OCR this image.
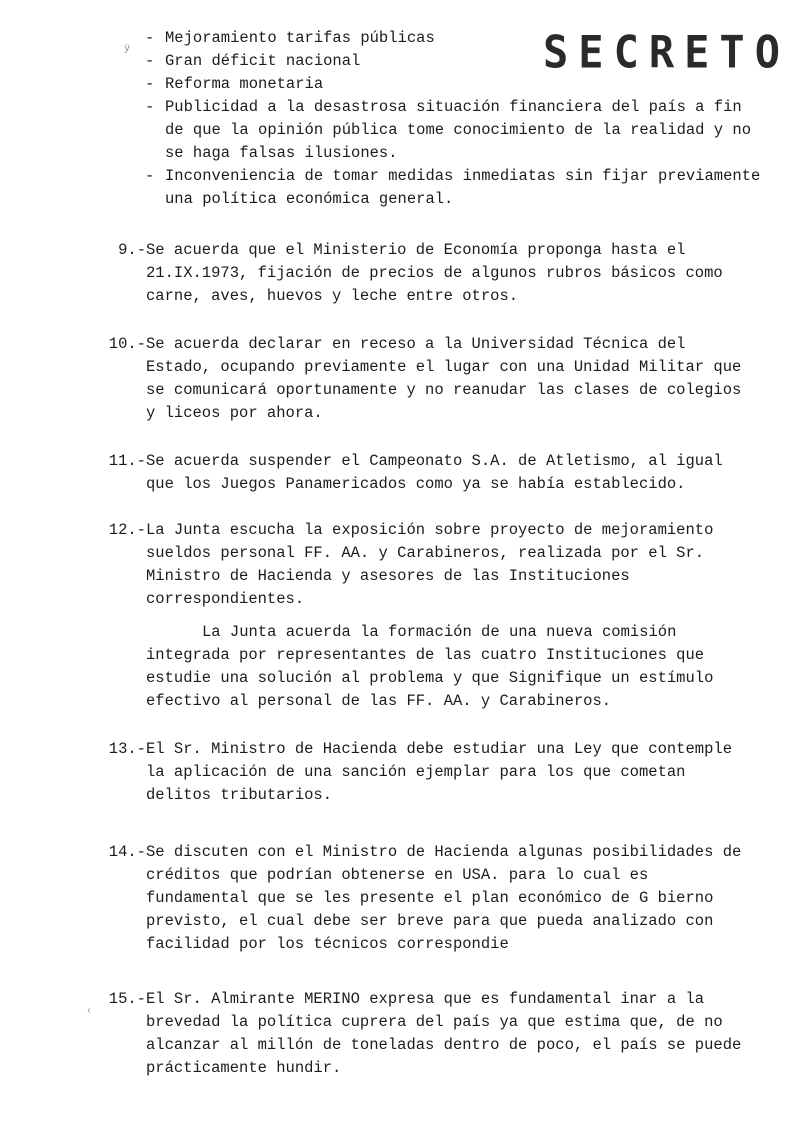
ÿ
‹
SECRETO
- Mejoramiento tarifas públicas
- Gran déficit nacional
- Reforma monetaria
- Publicidad a la desastrosa situación financiera del país a fin de que la opinión pública tome conocimiento de la realidad y no se haga falsas ilusiones.
- Inconveniencia de tomar medidas inmediatas sin fijar previamente una política económica general.
9.- Se acuerda que el Ministerio de Economía proponga hasta el 21.IX.1973, fijación de precios de algunos rubros básicos como carne, aves, huevos y leche entre otros.

10.- Se acuerda declarar en receso a la Universidad Técnica del Estado, ocupando previamente el lugar con una Unidad Militar que se comunicará oportunamente y no reanudar las clases de colegios y liceos por ahora.

11.- Se acuerda suspender el Campeonato S.A. de Atletismo, al igual que los Juegos Panamericados como ya se había establecido.

12.- La Junta escucha la exposición sobre proyecto de mejoramiento sueldos personal FF. AA. y Carabineros, realizada por el Sr. Ministro de Hacienda y asesores de las Instituciones correspondientes.

La Junta acuerda la formación de una nueva comisión integrada por representantes de las cuatro Instituciones que estudie una solución al problema y que Signifique un estímulo efectivo al personal de las FF. AA. y Carabineros.

13.- El Sr. Ministro de Hacienda debe estudiar una Ley que contemple la aplicación de una sanción ejemplar para los que cometan delitos tributarios.

14.- Se discuten con el Ministro de Hacienda algunas posibilidades de créditos que podrían obtenerse en USA. para lo cual es fundamental que se les presente el plan económico de G bierno previsto, el cual debe ser breve para que pueda analizado con facilidad por los técnicos correspondie

15.- El Sr. Almirante MERINO expresa que es fundamental inar a la brevedad la política cuprera del país ya que estima que, de no alcanzar al millón de toneladas dentro de poco, el país se puede prácticamente hundir.
